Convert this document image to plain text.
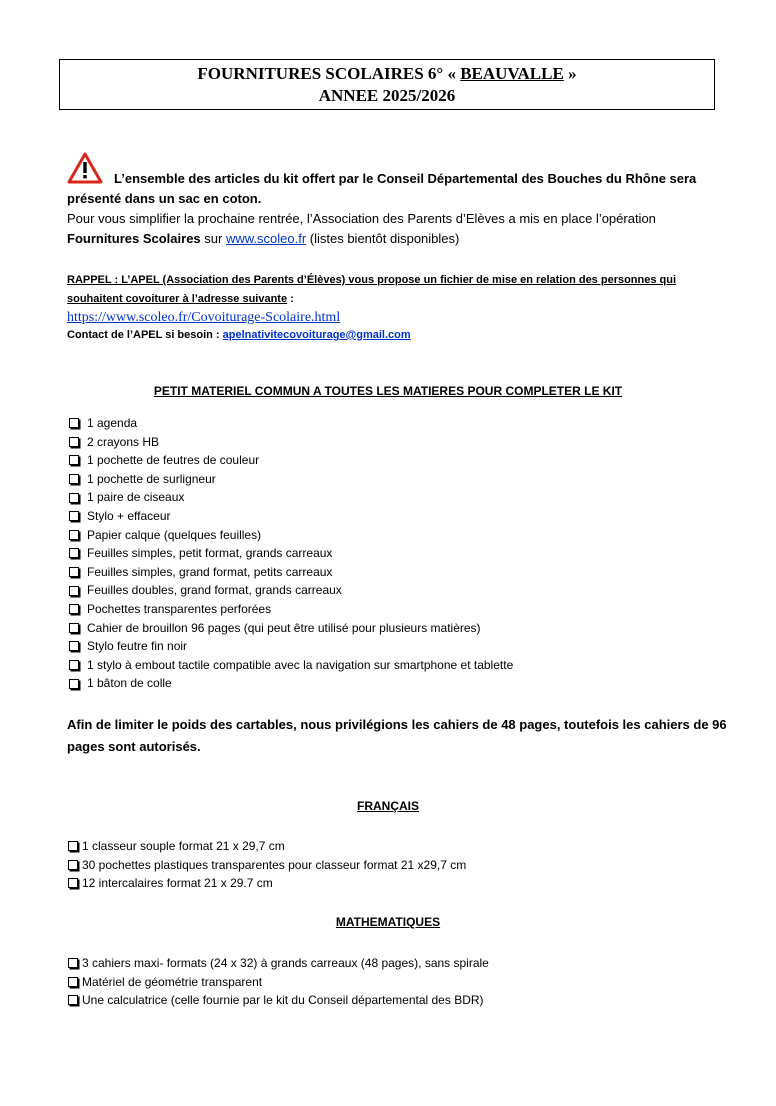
FOURNITURES SCOLAIRES 6° « BEAUVALLE »
ANNEE 2025/2026
L’ensemble des articles du kit offert par le Conseil Départemental des Bouches du Rhône sera
présenté dans un sac en coton.
Pour vous simplifier la prochaine rentrée, l’Association des Parents d’Elèves a mis en place l’opération
Fournitures Scolaires sur www.scoleo.fr (listes bientôt disponibles)
RAPPEL : L’APEL (Association des Parents d’Élèves) vous propose un fichier de mise en relation des personnes qui
souhaitent covoiturer à l’adresse suivante :
https://www.scoleo.fr/Covoiturage-Scolaire.html
Contact de l’APEL si besoin : apelnativitecovoiturage@gmail.com
PETIT MATERIEL COMMUN A TOUTES LES MATIERES POUR COMPLETER LE KIT
1 agenda
2 crayons HB
1 pochette de feutres de couleur
1 pochette de surligneur
1 paire de ciseaux
Stylo + effaceur
Papier calque (quelques feuilles)
Feuilles simples, petit format, grands carreaux
Feuilles simples, grand format, petits carreaux
Feuilles doubles, grand format, grands carreaux
Pochettes transparentes perforées
Cahier de brouillon 96 pages (qui peut être utilisé pour plusieurs matières)
Stylo feutre fin noir
1 stylo à embout tactile compatible avec la navigation sur smartphone et tablette
1 bâton de colle
Afin de limiter le poids des cartables, nous privilégions les cahiers de 48 pages, toutefois les cahiers de 96
pages sont autorisés.
FRANÇAIS
1 classeur souple format 21 x 29,7 cm
30 pochettes plastiques transparentes pour classeur format 21 x29,7 cm
12 intercalaires format 21 x 29.7 cm
MATHEMATIQUES
3 cahiers maxi- formats (24 x 32) à grands carreaux (48 pages), sans spirale
Matériel de géométrie transparent
Une calculatrice (celle fournie par le kit du Conseil départemental des BDR)
